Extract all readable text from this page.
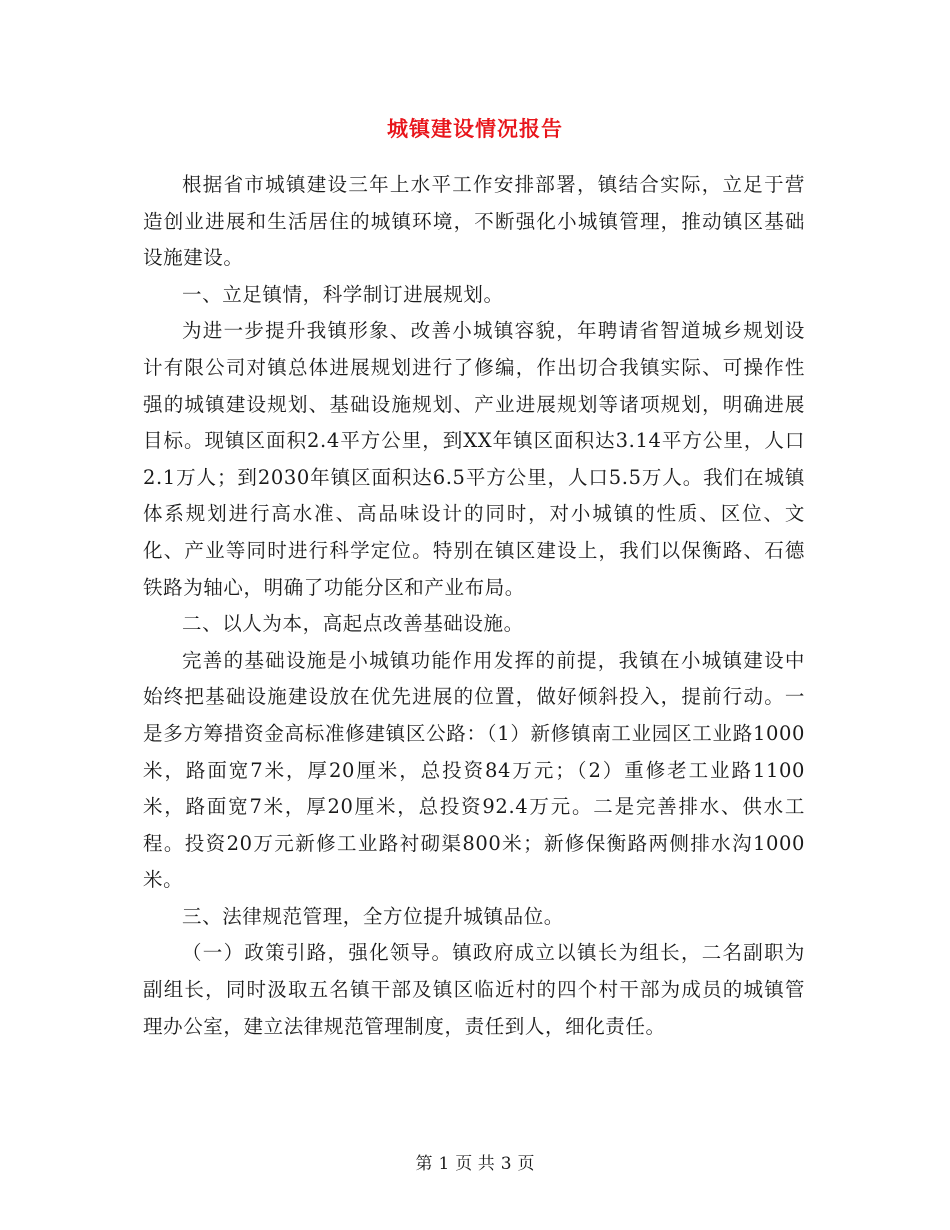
城镇建设情况报告

根据省市城镇建设三年上水平工作安排部署，镇结合实际，立足于营造创业进展和生活居住的城镇环境，不断强化小城镇管理，推动镇区基础设施建设。

一、立足镇情，科学制订进展规划。

为进一步提升我镇形象、改善小城镇容貌，年聘请省智道城乡规划设计有限公司对镇总体进展规划进行了修编，作出切合我镇实际、可操作性强的城镇建设规划、基础设施规划、产业进展规划等诸项规划，明确进展目标。现镇区面积2.4平方公里，到XX年镇区面积达3.14平方公里，人口2.1万人；到2030年镇区面积达6.5平方公里，人口5.5万人。我们在城镇体系规划进行高水准、高品味设计的同时，对小城镇的性质、区位、文化、产业等同时进行科学定位。特别在镇区建设上，我们以保衡路、石德铁路为轴心，明确了功能分区和产业布局。

二、以人为本，高起点改善基础设施。

完善的基础设施是小城镇功能作用发挥的前提，我镇在小城镇建设中始终把基础设施建设放在优先进展的位置，做好倾斜投入，提前行动。一是多方筹措资金高标准修建镇区公路：（1）新修镇南工业园区工业路1000米，路面宽7米，厚20厘米，总投资84万元；（2）重修老工业路1100米，路面宽7米，厚20厘米，总投资92.4万元。二是完善排水、供水工程。投资20万元新修工业路衬砌渠800米；新修保衡路两侧排水沟1000米。

三、法律规范管理，全方位提升城镇品位。

（一）政策引路，强化领导。镇政府成立以镇长为组长，二名副职为副组长，同时汲取五名镇干部及镇区临近村的四个村干部为成员的城镇管理办公室，建立法律规范管理制度，责任到人，细化责任。

第 1 页 共 3 页
